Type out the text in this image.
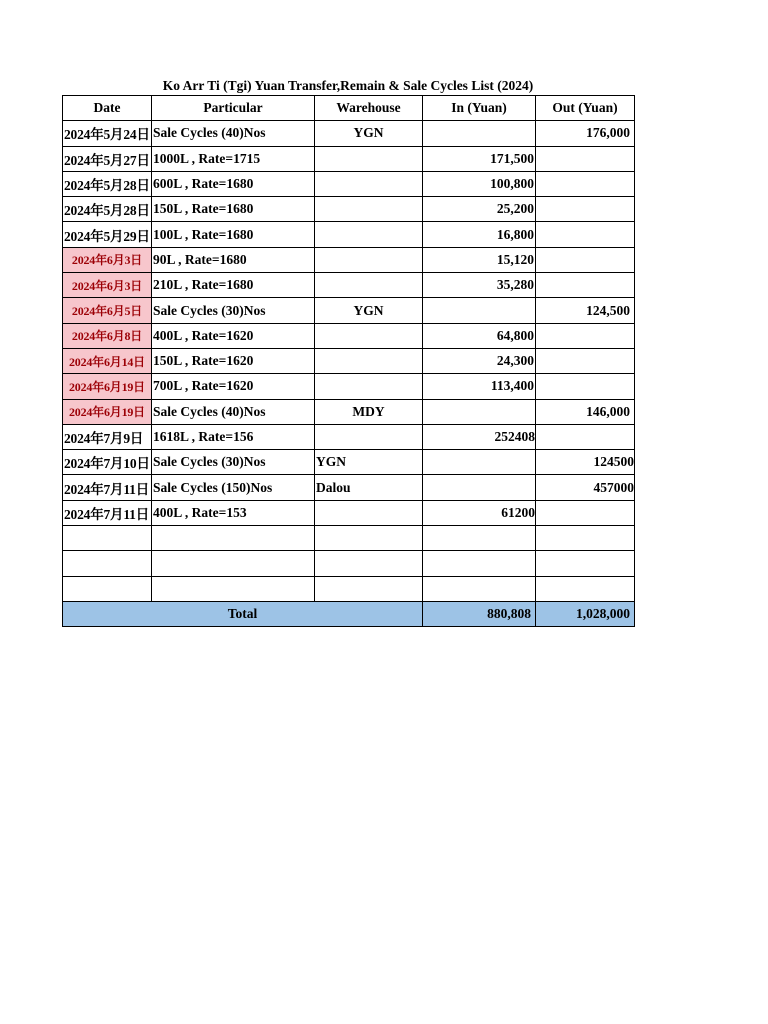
Ko Arr Ti (Tgi) Yuan Transfer,Remain & Sale Cycles List (2024)
Date	Particular	Warehouse	In (Yuan)	Out (Yuan)
2024年5月24日	Sale Cycles (40)Nos	YGN		176,000
2024年5月27日	1000L , Rate=1715		171,500	
2024年5月28日	600L , Rate=1680		100,800	
2024年5月28日	150L , Rate=1680		25,200	
2024年5月29日	100L , Rate=1680		16,800	
2024年6月3日	90L , Rate=1680		15,120	
2024年6月3日	210L , Rate=1680		35,280	
2024年6月5日	Sale Cycles (30)Nos	YGN		124,500
2024年6月8日	400L , Rate=1620		64,800	
2024年6月14日	150L , Rate=1620		24,300	
2024年6月19日	700L , Rate=1620		113,400	
2024年6月19日	Sale Cycles (40)Nos	MDY		146,000
2024年7月9日	1618L , Rate=156		252408	
2024年7月10日	Sale Cycles (30)Nos	YGN		124500
2024年7月11日	Sale Cycles (150)Nos	Dalou		457000
2024年7月11日	400L , Rate=153		61200	

Total			880,808	1,028,000
